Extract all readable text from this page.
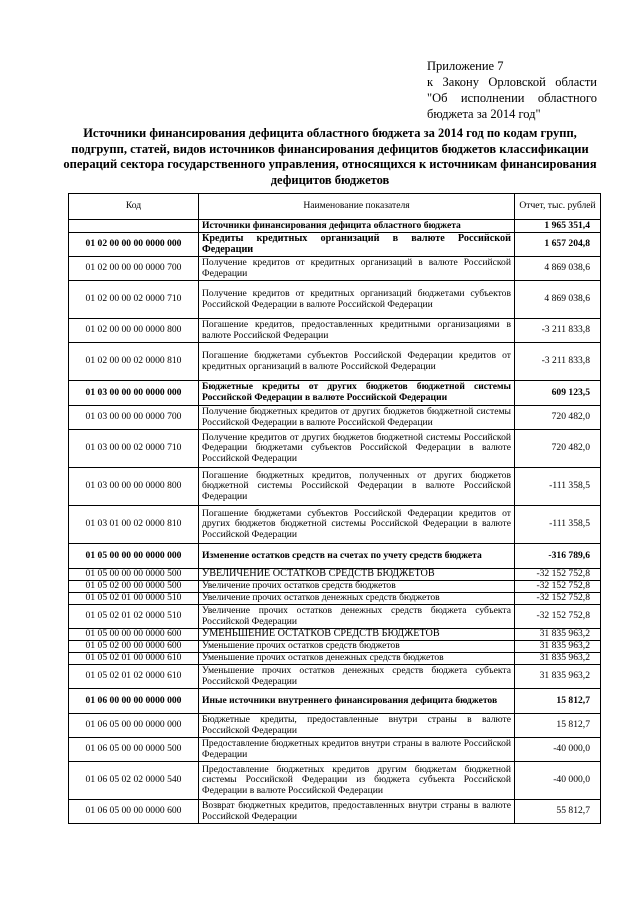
Приложение 7
к Закону Орловской области
"Об исполнении областного
бюджета за 2014 год"
Источники финансирования дефицита областного бюджета за 2014 год по кодам групп, подгрупп, статей, видов источников финансирования дефицитов бюджетов классификации операций сектора государственного управления, относящихся к источникам финансирования дефицитов бюджетов
Код	Наименование показателя	Отчет, тыс. рублей
	Источники финансирования дефицита областного бюджета	1 965 351,4
01 02 00 00 00 0000 000	Кредиты кредитных организаций в валюте Российской Федерации	1 657 204,8
01 02 00 00 00 0000 700	Получение кредитов от кредитных организаций в валюте Российской Федерации	4 869 038,6
01 02 00 00 02 0000 710	Получение кредитов от кредитных организаций бюджетами субъектов Российской Федерации в валюте Российской Федерации	4 869 038,6
01 02 00 00 00 0000 800	Погашение кредитов, предоставленных кредитными организациями в валюте Российской Федерации	-3 211 833,8
01 02 00 00 02 0000 810	Погашение бюджетами субъектов Российской Федерации кредитов от кредитных организаций в валюте Российской Федерации	-3 211 833,8
01 03 00 00 00 0000 000	Бюджетные кредиты от других бюджетов бюджетной системы Российской Федерации в валюте Российской Федерации	609 123,5
01 03 00 00 00 0000 700	Получение бюджетных кредитов от других бюджетов бюджетной системы Российской Федерации в валюте Российской Федерации	720 482,0
01 03 00 00 02 0000 710	Получение кредитов от других бюджетов бюджетной системы Российской Федерации бюджетами субъектов Российской Федерации в валюте Российской Федерации	720 482,0
01 03 00 00 00 0000 800	Погашение бюджетных кредитов, полученных от других бюджетов бюджетной системы Российской Федерации в валюте Российской Федерации	-111 358,5
01 03 01 00 02 0000 810	Погашение бюджетами субъектов Российской Федерации кредитов от других бюджетов бюджетной системы Российской Федерации в валюте Российской Федерации	-111 358,5
01 05 00 00 00 0000 000	Изменение остатков средств на счетах по учету средств бюджета	-316 789,6
01 05 00 00 00 0000 500	УВЕЛИЧЕНИЕ ОСТАТКОВ СРЕДСТВ БЮДЖЕТОВ	-32 152 752,8
01 05 02 00 00 0000 500	Увеличение прочих остатков средств бюджетов	-32 152 752,8
01 05 02 01 00 0000 510	Увеличение прочих остатков денежных средств бюджетов	-32 152 752,8
01 05 02 01 02 0000 510	Увеличение прочих остатков денежных средств бюджета субъекта Российской Федерации	-32 152 752,8
01 05 00 00 00 0000 600	УМЕНЬШЕНИЕ ОСТАТКОВ СРЕДСТВ БЮДЖЕТОВ	31 835 963,2
01 05 02 00 00 0000 600	Уменьшение прочих остатков средств бюджетов	31 835 963,2
01 05 02 01 00 0000 610	Уменьшение прочих остатков денежных средств бюджетов	31 835 963,2
01 05 02 01 02 0000 610	Уменьшение прочих остатков денежных средств бюджета субъекта Российской Федерации	31 835 963,2
01 06 00 00 00 0000 000	Иные источники внутреннего финансирования дефицита бюджетов	15 812,7
01 06 05 00 00 0000 000	Бюджетные кредиты, предоставленные внутри страны в валюте Российской Федерации	15 812,7
01 06 05 00 00 0000 500	Предоставление бюджетных кредитов внутри страны в валюте Российской Федерации	-40 000,0
01 06 05 02 02 0000 540	Предоставление бюджетных кредитов другим бюджетам бюджетной системы Российской Федерации из бюджета субъекта Российской Федерации в валюте Российской Федерации	-40 000,0
01 06 05 00 00 0000 600	Возврат бюджетных кредитов, предоставленных внутри страны в валюте Российской Федерации	55 812,7
